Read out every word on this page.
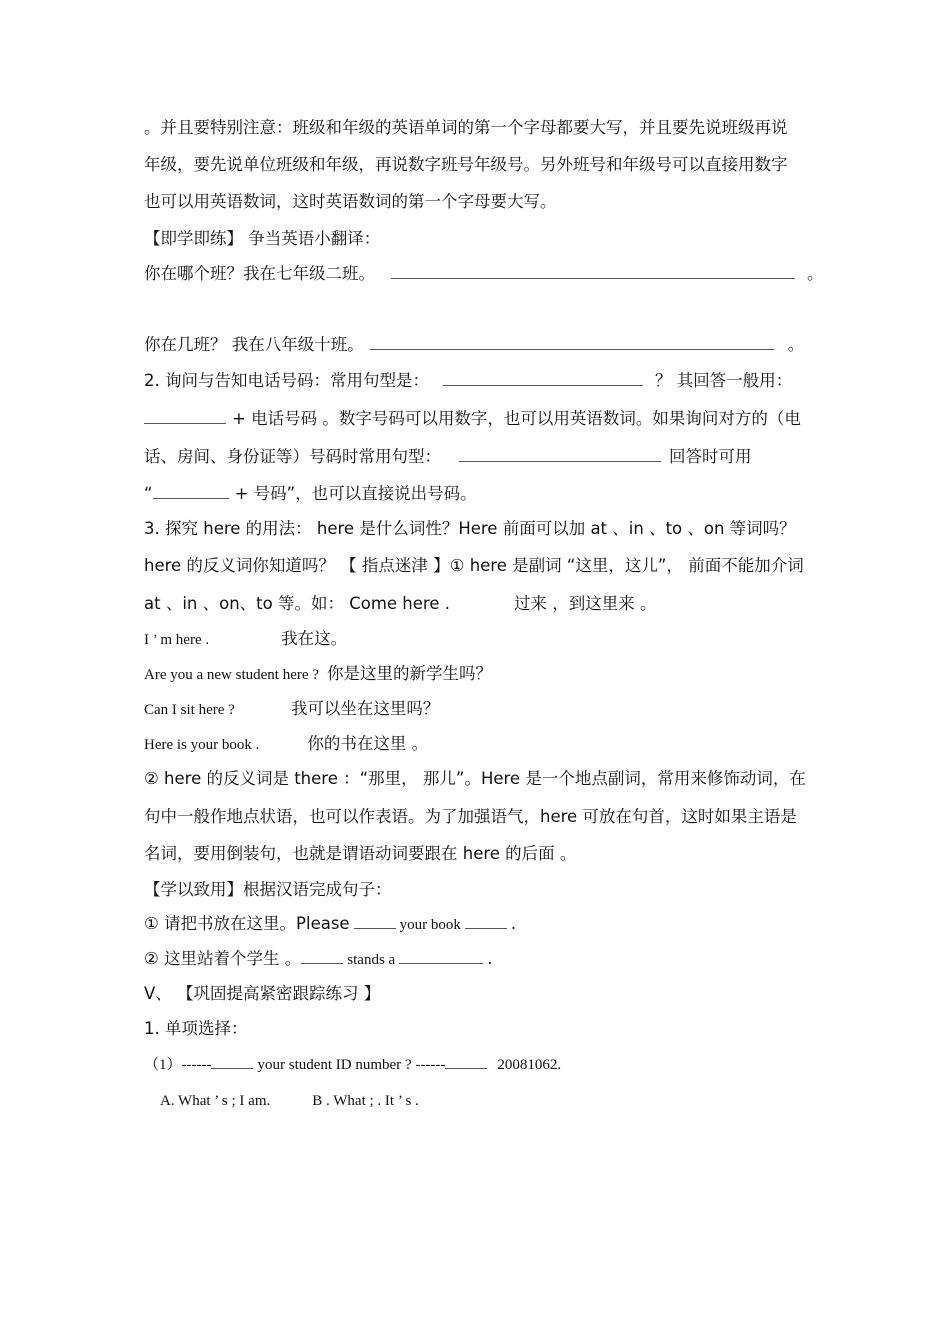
。并且要特别注意：班级和年级的英语单词的第一个字母都要大写，并且要先说班级再说
年级，要先说单位班级和年级，再说数字班号年级号。另外班号和年级号可以直接用数字
也可以用英语数词，这时英语数词的第一个字母要大写。
【即学即练】 争当英语小翻译：
你在哪个班？我在七年级二班。	。
你在几班？ 我在八年级十班。	。
2. 询问与告知电话号码：常用句型是：	？ 其回答一般用：
+ 电话号码 。数字号码可以用数字，也可以用英语数词。如果询问对方的（电
话、房间、身份证等）号码时常用句型：	回答时可用
“	+ 号码”，也可以直接说出号码。
3. 探究 here 的用法： here 是什么词性？Here 前面可以加 at 、in 、to 、on 等词吗？
here 的反义词你知道吗？ 【 指点迷津 】① here 是副词 “这里，这儿”， 前面不能加介词
at 、in 、on、to 等。如： Come here .	过来 ，到这里来 。
I ’ m here .	我在这。
Are you a new student here ? 你是这里的新学生吗？
Can I sit here ?	我可以坐在这里吗？
Here is your book .	你的书在这里 。
② here 的反义词是 there ：“那里， 那儿”。Here 是一个地点副词，常用来修饰动词，在
句中一般作地点状语，也可以作表语。为了加强语气，here 可放在句首，这时如果主语是
名词，要用倒装句，也就是谓语动词要跟在 here 的后面 。
【学以致用】根据汉语完成句子：
① 请把书放在这里。Please	your book	.
② 这里站着个学生 。	stands a	.
V、 【巩固提高紧密跟踪练习 】
1. 单项选择：
（1）------	your student ID number ? ------	20081062.
A. What ’ s ; I am.	B . What ; . It ’ s .
